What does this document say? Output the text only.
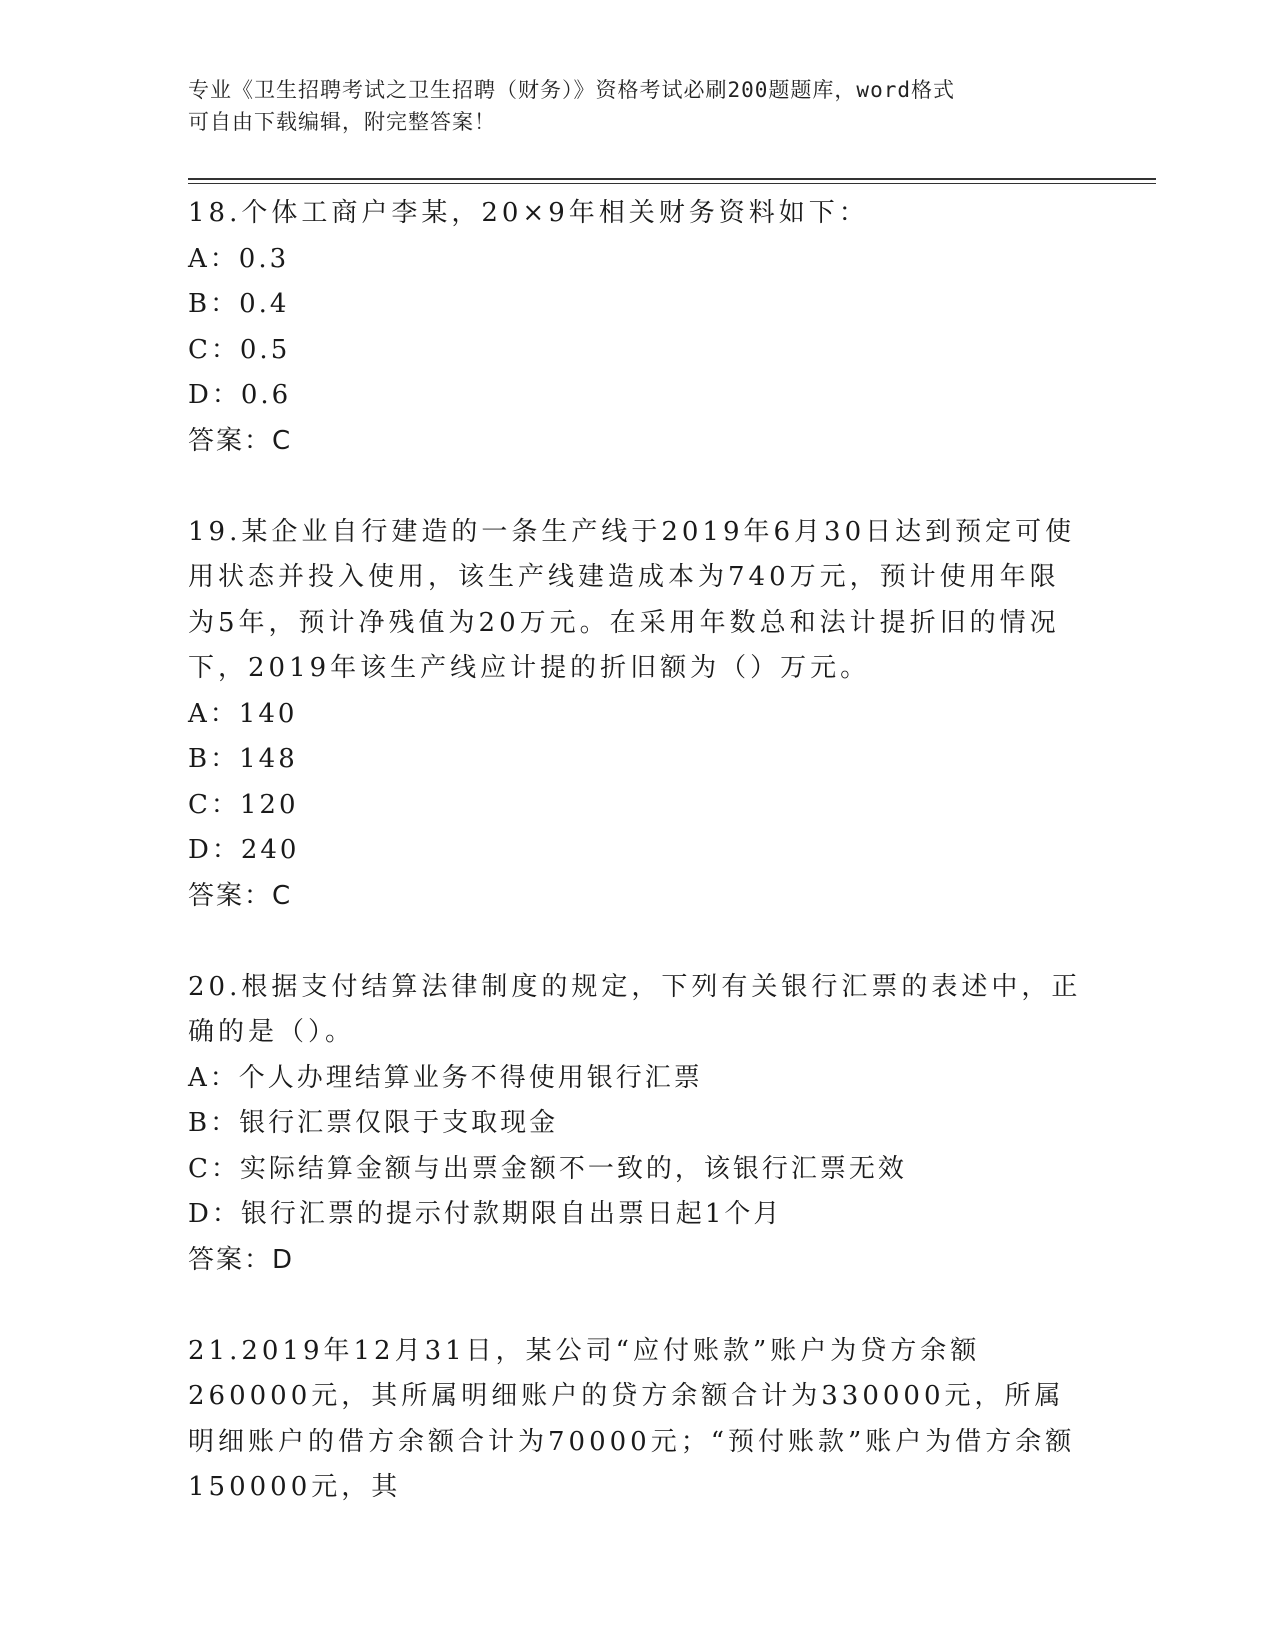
专业《卫生招聘考试之卫生招聘（财务）》资格考试必刷200题题库，word格式
可自由下载编辑，附完整答案！

18.个体工商户李某，20×9年相关财务资料如下：

A：0.3

B：0.4

C：0.5

D：0.6

答案：C

19.某企业自行建造的一条生产线于2019年6月30日达到预定可使用状态并投入使用，该生产线建造成本为740万元，预计使用年限为5年，预计净残值为20万元。在采用年数总和法计提折旧的情况下，2019年该生产线应计提的折旧额为（）万元。

A：140

B：148

C：120

D：240

答案：C

20.根据支付结算法律制度的规定，下列有关银行汇票的表述中，正确的是（）。

A：个人办理结算业务不得使用银行汇票

B：银行汇票仅限于支取现金

C：实际结算金额与出票金额不一致的，该银行汇票无效

D：银行汇票的提示付款期限自出票日起1个月

答案：D

21.2019年12月31日，某公司“应付账款”账户为贷方余额260000元，其所属明细账户的贷方余额合计为330000元，所属明细账户的借方余额合计为70000元；“预付账款”账户为借方余额150000元，其
